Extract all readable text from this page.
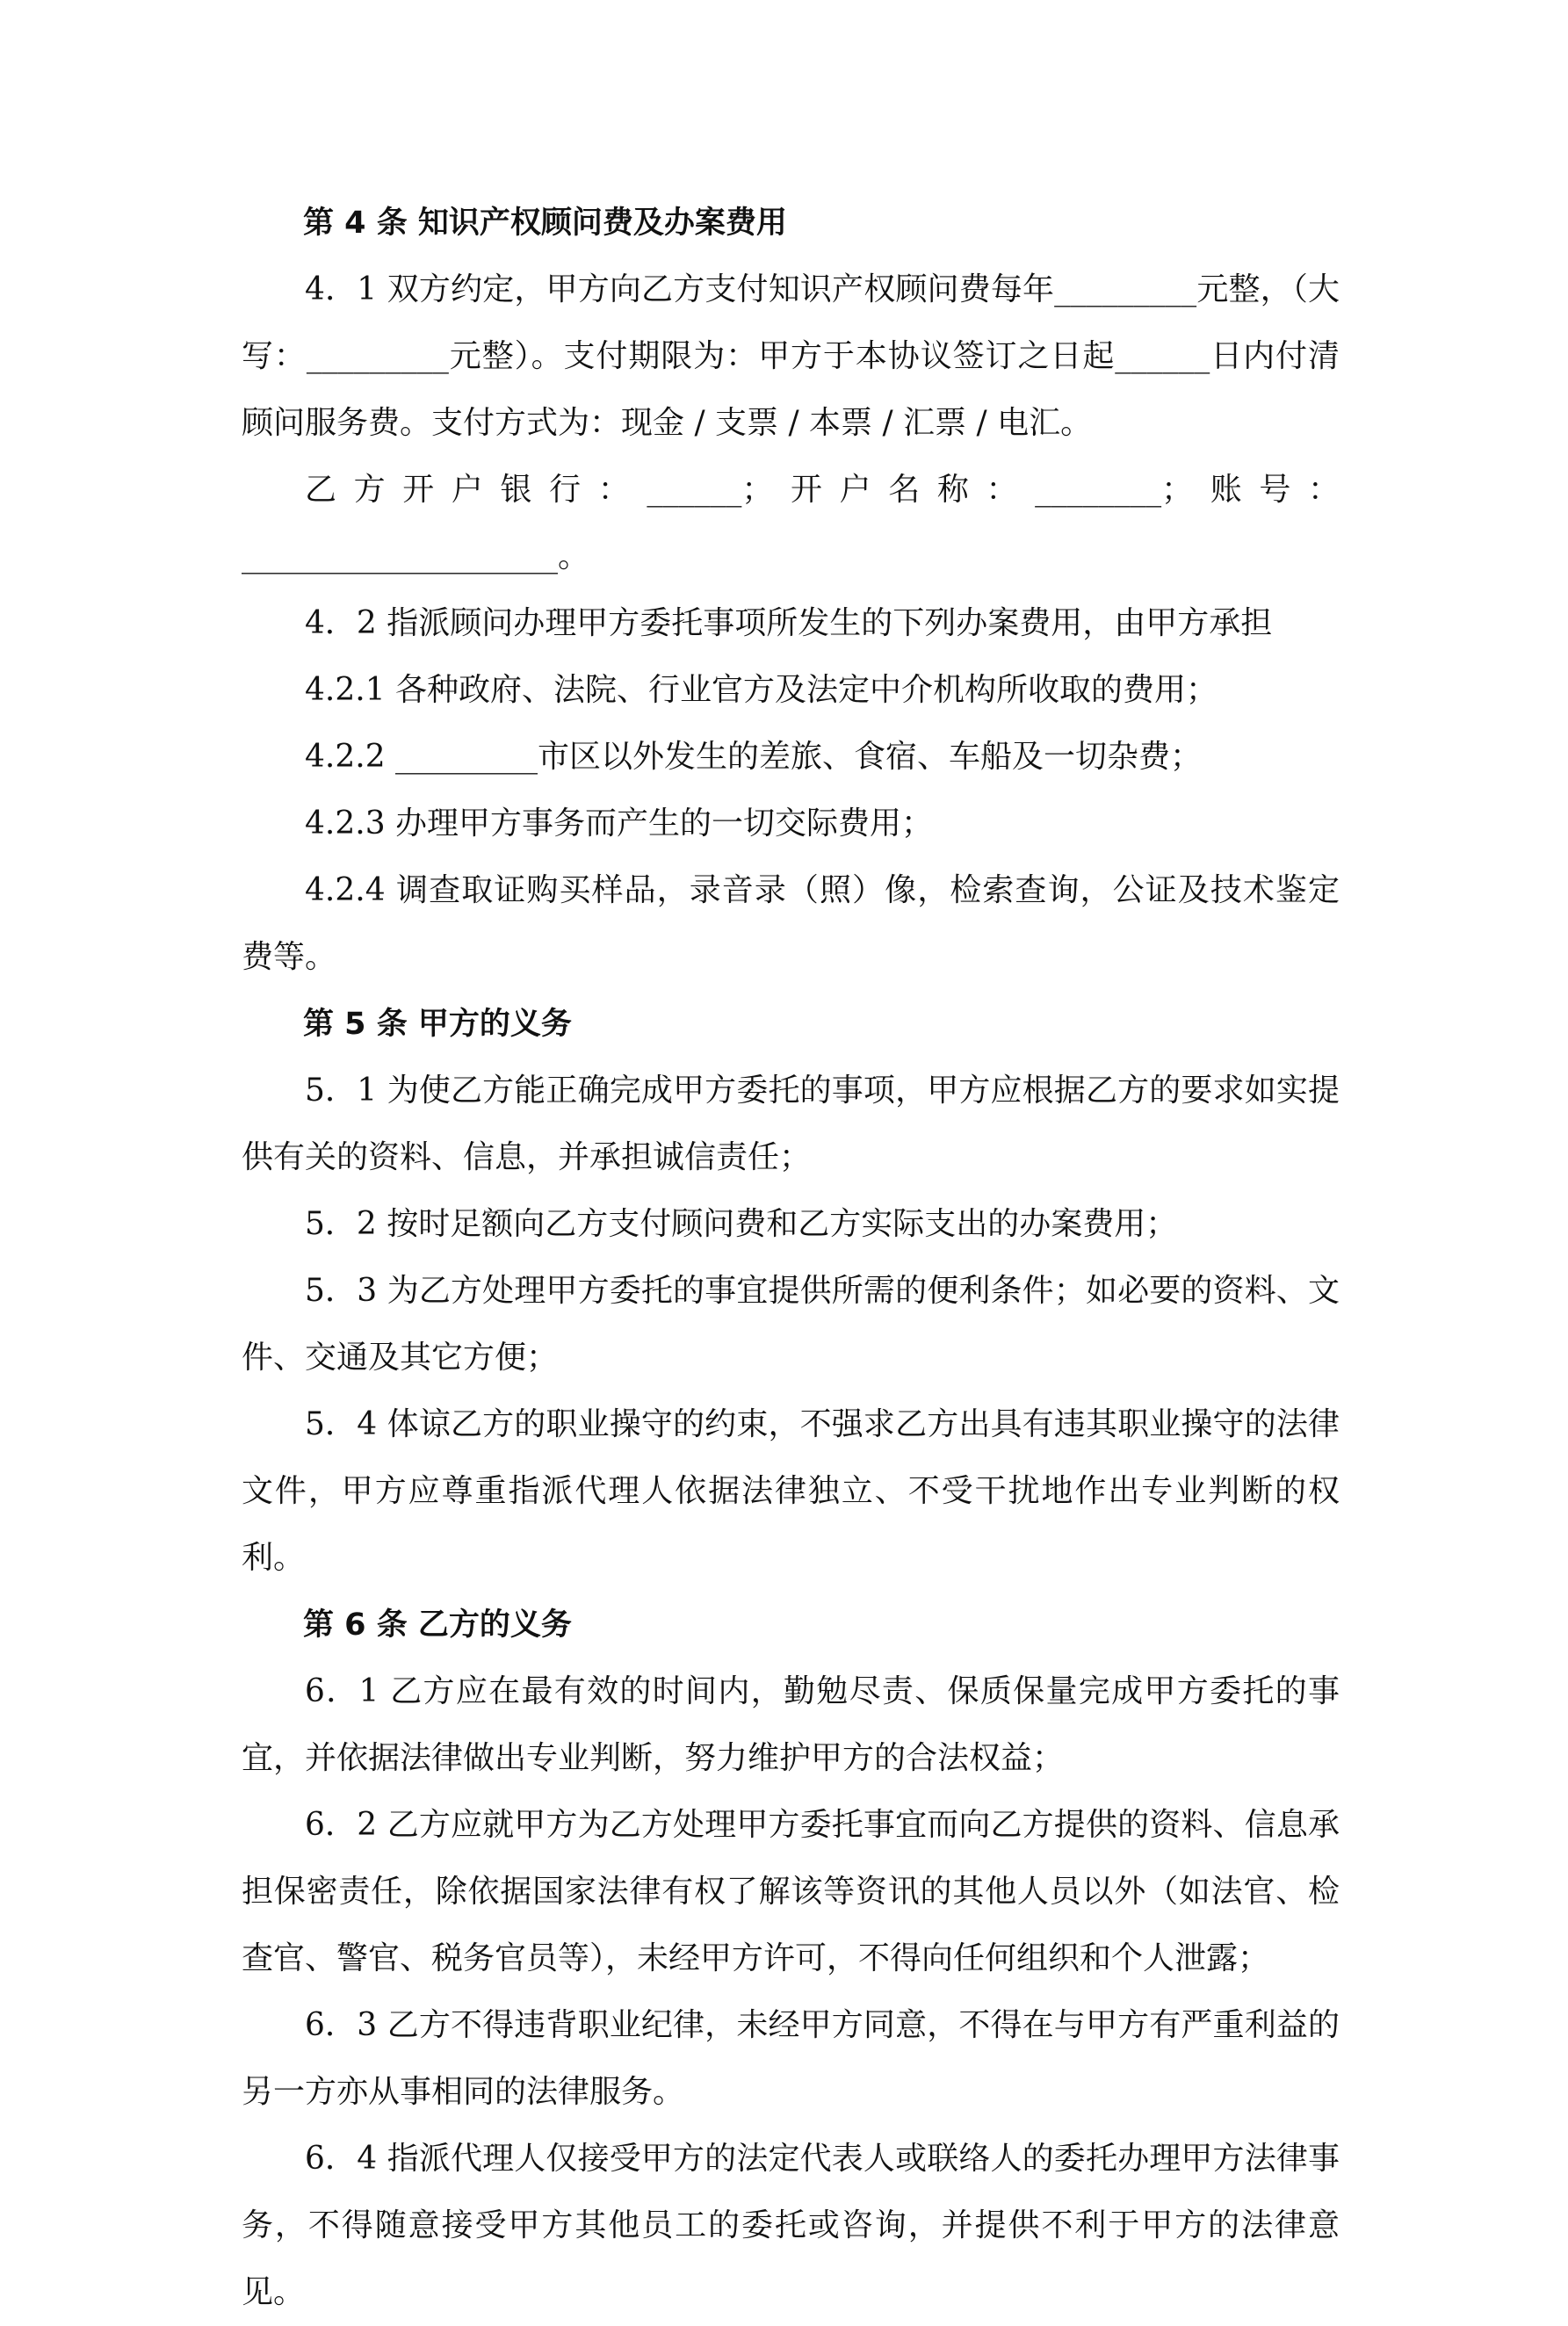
第 4 条 知识产权顾问费及办案费用

4．1 双方约定，甲方向乙方支付知识产权顾问费每年_________元整，（大写：_________元整）。支付期限为：甲方于本协议签订之日起______日内付清顾问服务费。支付方式为：现金 / 支票 / 本票 / 汇票 / 电汇。

乙方开户银行：______；开户名称：________；账号：____________________。

4．2 指派顾问办理甲方委托事项所发生的下列办案费用，由甲方承担

4.2.1 各种政府、法院、行业官方及法定中介机构所收取的费用；

4.2.2 _________市区以外发生的差旅、食宿、车船及一切杂费；

4.2.3 办理甲方事务而产生的一切交际费用；

4.2.4 调查取证购买样品，录音录（照）像，检索查询，公证及技术鉴定费等。

第 5 条 甲方的义务

5．1 为使乙方能正确完成甲方委托的事项，甲方应根据乙方的要求如实提供有关的资料、信息，并承担诚信责任；

5．2 按时足额向乙方支付顾问费和乙方实际支出的办案费用；

5．3 为乙方处理甲方委托的事宜提供所需的便利条件；如必要的资料、文件、交通及其它方便；

5．4 体谅乙方的职业操守的约束，不强求乙方出具有违其职业操守的法律文件，甲方应尊重指派代理人依据法律独立、不受干扰地作出专业判断的权利。

第 6 条 乙方的义务

6．1 乙方应在最有效的时间内，勤勉尽责、保质保量完成甲方委托的事宜，并依据法律做出专业判断，努力维护甲方的合法权益；

6．2 乙方应就甲方为乙方处理甲方委托事宜而向乙方提供的资料、信息承担保密责任，除依据国家法律有权了解该等资讯的其他人员以外（如法官、检查官、警官、税务官员等），未经甲方许可，不得向任何组织和个人泄露；

6．3 乙方不得违背职业纪律，未经甲方同意，不得在与甲方有严重利益的另一方亦从事相同的法律服务。

6．4 指派代理人仅接受甲方的法定代表人或联络人的委托办理甲方法律事务，不得随意接受甲方其他员工的委托或咨询，并提供不利于甲方的法律意见。
